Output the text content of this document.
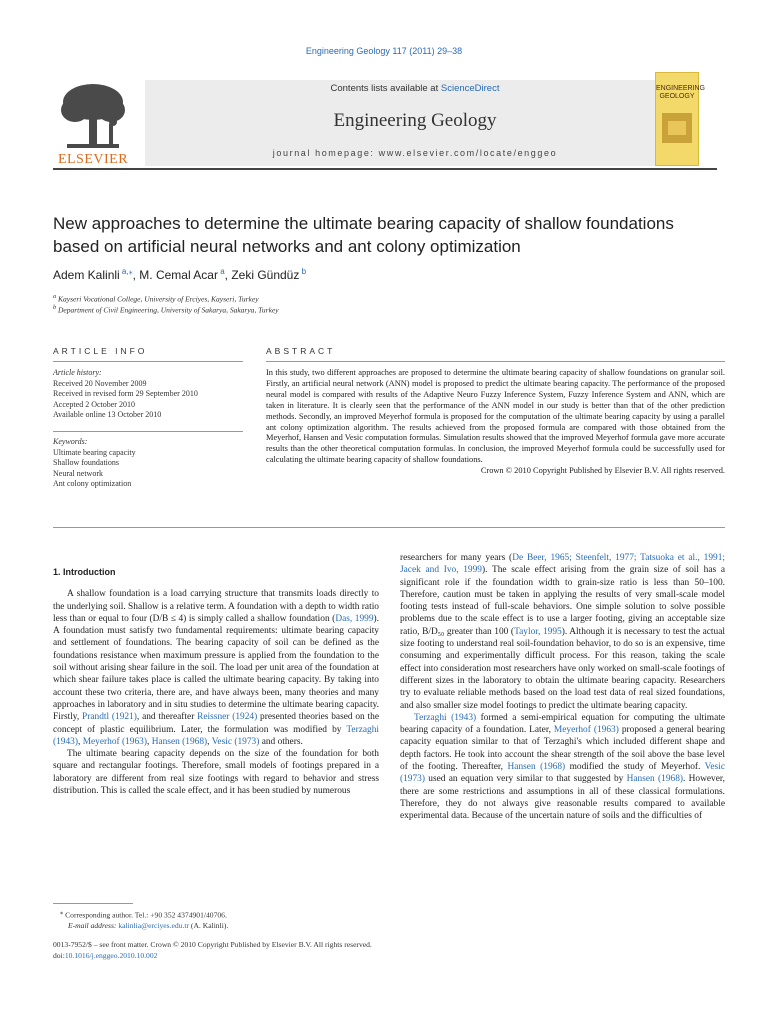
Engineering Geology 117 (2011) 29–38
ELSEVIER
Contents lists available at ScienceDirect
Engineering Geology
journal homepage: www.elsevier.com/locate/enggeo
ENGINEERING
GEOLOGY
New approaches to determine the ultimate bearing capacity of shallow foundations
based on artificial neural networks and ant colony optimization
Adem Kalinli $^{a,⁎}$, M. Cemal Acar $^a$, Zeki Gündüz $^b$
$^a$ Kayseri Vocational College, University of Erciyes, Kayseri, Turkey
$^b$ Department of Civil Engineering, University of Sakarya, Sakarya, Turkey
ARTICLE INFO	ABSTRACT
Article history:
Received 20 November 2009
Received in revised form 29 September 2010
Accepted 2 October 2010
Available online 13 October 2010
Keywords:
Ultimate bearing capacity
Shallow foundations
Neural network
Ant colony optimization
In this study, two different approaches are proposed to determine the ultimate bearing capacity of shallow foundations on granular soil. Firstly, an artificial neural network (ANN) model is proposed to predict the ultimate bearing capacity. The performance of the proposed neural model is compared with results of the Adaptive Neuro Fuzzy Inference System, Fuzzy Inference System and ANN, which are taken in literature. It is clearly seen that the performance of the ANN model in our study is better than that of the other prediction methods. Secondly, an improved Meyerhof formula is proposed for the computation of the ultimate bearing capacity by using a parallel ant colony optimization algorithm. The results achieved from the proposed formula are compared with those obtained from the Meyerhof, Hansen and Vesic computation formulas. Simulation results showed that the improved Meyerhof formula gave more accurate results than the other theoretical computation formulas. In conclusion, the improved Meyerhof formula could be successfully used for calculating the ultimate bearing capacity of shallow foundations.
Crown © 2010 Copyright Published by Elsevier B.V. All rights reserved.
1. Introduction

A shallow foundation is a load carrying structure that transmits loads directly to the underlying soil. Shallow is a relative term. A foundation with a depth to width ratio less than or equal to four (D/B ≤ 4) is simply called a shallow foundation (Das, 1999). A foundation must satisfy two fundamental requirements: ultimate bearing capacity and settlement of foundations. The bearing capacity of soil can be defined as the foundations resistance when maximum pressure is applied from the foundation to the soil without arising shear failure in the soil. The load per unit area of the foundation at which shear failure takes place is called the ultimate bearing capacity. By taking into account these two criteria, there are, and have always been, many theories and many approaches in laboratory and in situ studies to determine the ultimate bearing capacity. Firstly, Prandtl (1921), and thereafter Reissner (1924) presented theories based on the concept of plastic equilibrium. Later, the formulation was modified by Terzaghi (1943), Meyerhof (1963), Hansen (1968), Vesic (1973) and others.

The ultimate bearing capacity depends on the size of the foundation for both square and rectangular footings. Therefore, small models of footings prepared in a laboratory are different from real size footings with regard to behavior and stress distribution. This is called the scale effect, and it has been studied by numerous

researchers for many years (De Beer, 1965; Steenfelt, 1977; Tatsuoka et al., 1991; Jacek and Ivo, 1999). The scale effect arising from the grain size of soil has a significant role if the foundation width to grain-size ratio is less than 50–100. Therefore, caution must be taken in applying the results of very small-scale model footing tests instead of full-scale behaviors. One simple solution to solve possible problems due to the scale effect is to use a larger footing, giving an acceptable size ratio, B/D₅₀ greater than 100 (Taylor, 1995). Although it is necessary to test the actual size footing to understand real soil-foundation behavior, to do so is an expensive, time consuming and experimentally difficult process. For this reason, taking the scale effect into consideration most researchers have only worked on small-scale footings of different sizes in the laboratory to obtain the ultimate bearing capacity. Researchers try to evaluate reliable methods based on the load test data of real sized foundations, and also smaller size model footings to predict the ultimate bearing capacity.

Terzaghi (1943) formed a semi-empirical equation for computing the ultimate bearing capacity of a foundation. Later, Meyerhof (1963) proposed a general bearing capacity equation similar to that of Terzaghi's which included different shape and depth factors. He took into account the shear strength of the soil above the base level of the footing. Thereafter, Hansen (1968) modified the study of Meyerhof. Vesic (1973) used an equation very similar to that suggested by Hansen (1968). However, there are some restrictions and assumptions in all of these classical formulations. Therefore, they do not always give reasonable results compared to available experimental data. Because of the uncertain nature of soils and the difficulties of

⁎ Corresponding author. Tel.: +90 352 4374901/40706.
E-mail address: kalinlia@erciyes.edu.tr (A. Kalinli).
0013-7952/$ – see front matter. Crown © 2010 Copyright Published by Elsevier B.V. All rights reserved.
doi:10.1016/j.enggeo.2010.10.002
